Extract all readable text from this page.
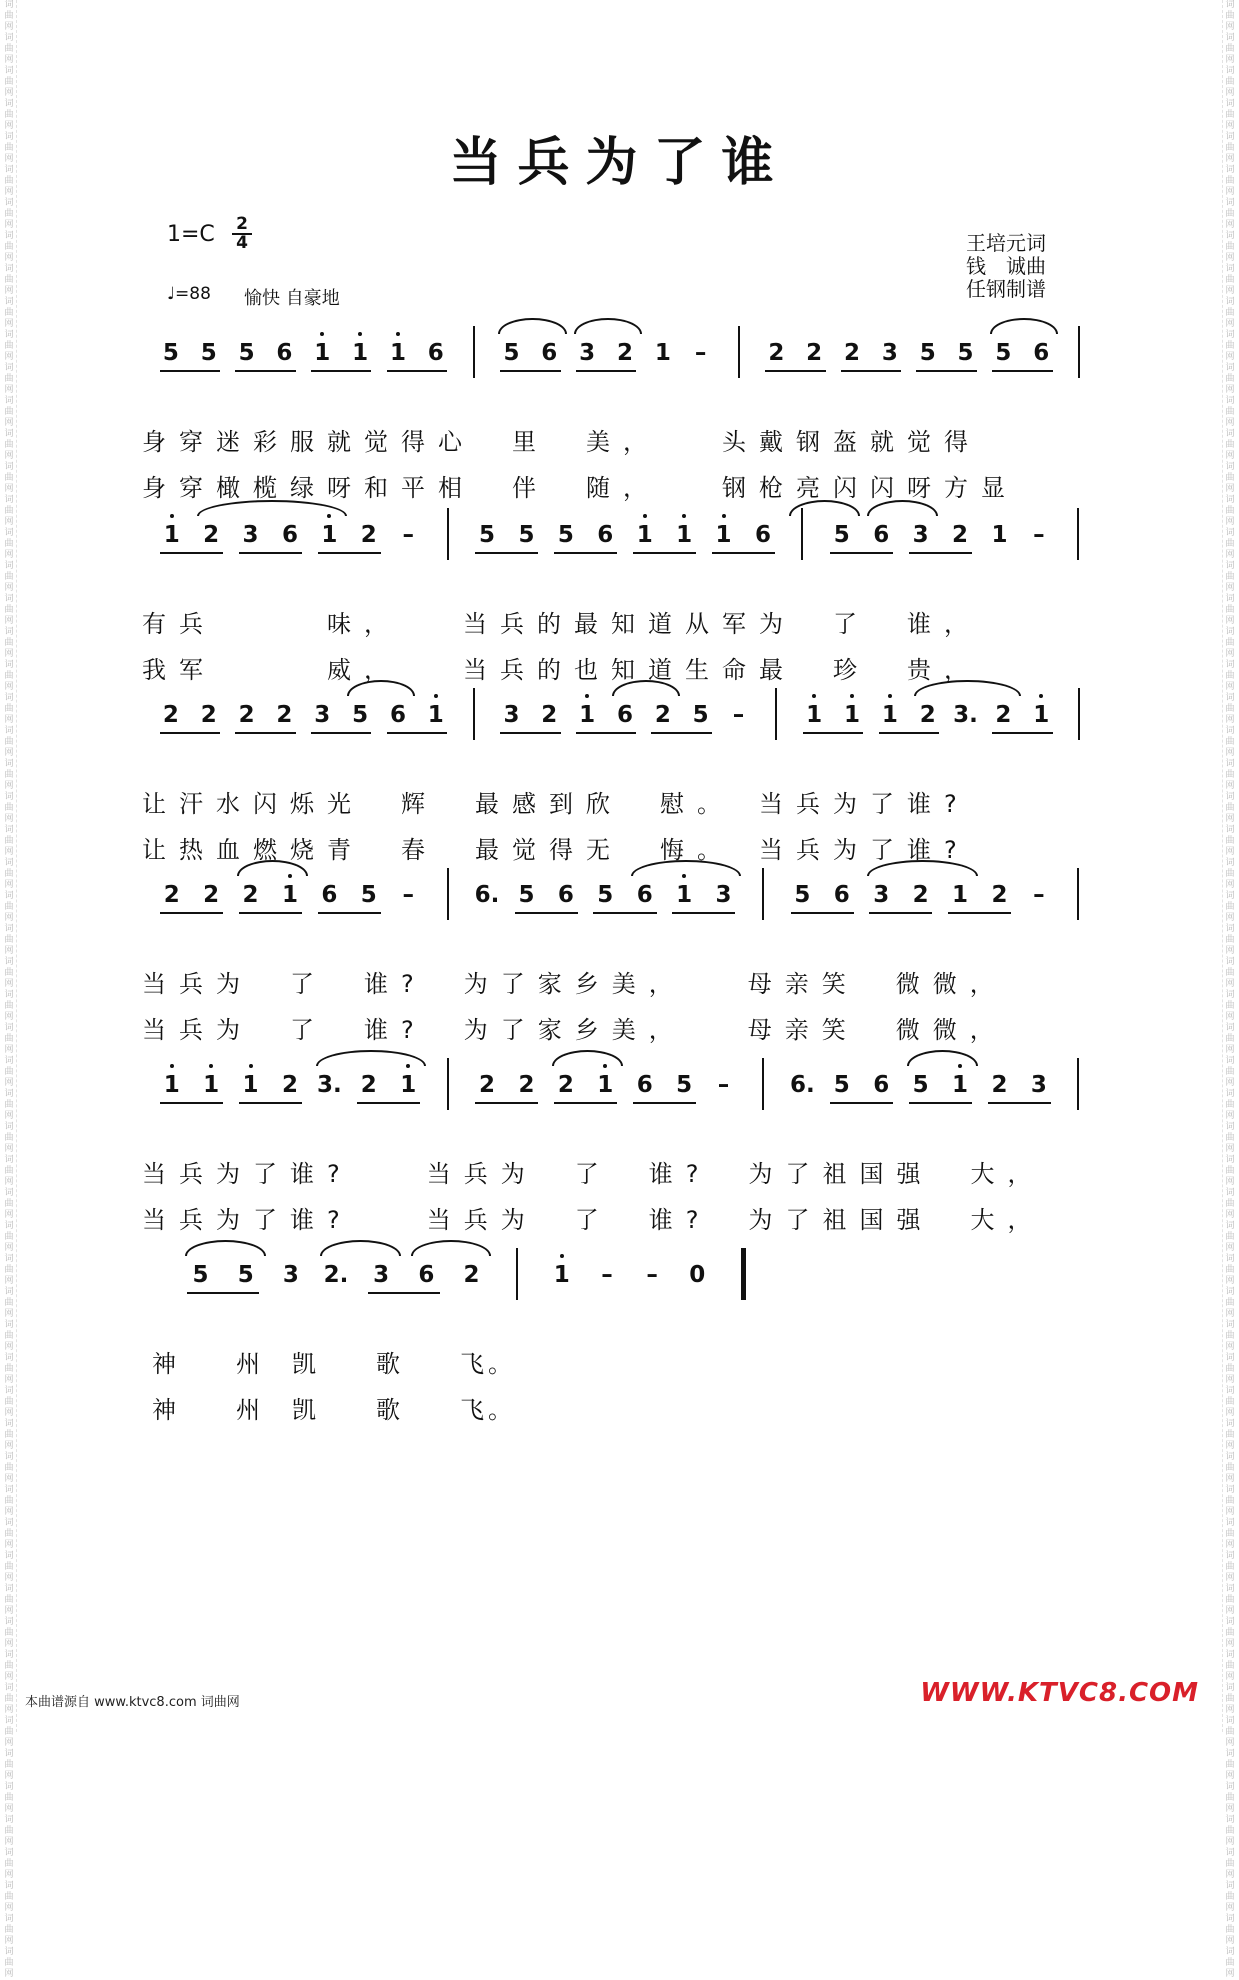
词曲网词曲网词曲网词曲网词曲网词曲网词曲网词曲网词曲网词曲网词曲网词曲网词曲网词曲网词曲网词曲网词曲网词曲网词曲网词曲网词曲网词曲网词曲网词曲网词曲网词曲网词曲网词曲网词曲网词曲网词曲网词曲网词曲网词曲网词曲网词曲网词曲网词曲网词曲网词曲网词曲网词曲网词曲网词曲网词曲网词曲网词曲网词曲网词曲网词曲网词曲网词曲网词曲网词曲网词曲网词曲网词曲网词曲网词曲网词曲网
词曲网词曲网词曲网词曲网词曲网词曲网词曲网词曲网词曲网词曲网词曲网词曲网词曲网词曲网词曲网词曲网词曲网词曲网词曲网词曲网词曲网词曲网词曲网词曲网词曲网词曲网词曲网词曲网词曲网词曲网词曲网词曲网词曲网词曲网词曲网词曲网词曲网词曲网词曲网词曲网词曲网词曲网词曲网词曲网词曲网词曲网词曲网词曲网词曲网词曲网词曲网词曲网词曲网词曲网词曲网词曲网词曲网词曲网词曲网词曲网
当兵为了谁
1=C 2
4
♩=88 愉快 自豪地
王培元词
钱　诚曲
任钢制谱
5 5 5 6 1 1 1 6	5 6 3 2 1 –	2 2 2 3 5 5 5 6
身穿迷彩服就觉得心　里　美，　　头戴钢盔就觉得
身穿橄榄绿呀和平相　伴　随，　　钢枪亮闪闪呀方显
1 2 3 6 1 2 –	5 5 5 6 1 1 1 6	5 6 3 2 1 –
有兵　　　味，　　当兵的最知道从军为　了　谁，
我军　　　威，　　当兵的也知道生命最　珍　贵，
2 2 2 2 3 5 6 1	3 2 1 6 2 5 –	1 1 1 2 3. 2 1
让汗水闪烁光　辉　最感到欣　慰。　当兵为了谁?
让热血燃烧青　春　最觉得无　悔。　当兵为了谁?
2 2 2 1 6 5 –	6. 5 6 5 6 1 3	5 6 3 2 1 2 –
当兵为　了　谁?　为了家乡美，　　母亲笑　微微，
当兵为　了　谁?　为了家乡美，　　母亲笑　微微，
1 1 1 2 3. 2 1	2 2 2 1 6 5 –	6. 5 6 5 1 2 3
当兵为了谁?　　当兵为　了　谁?　为了祖国强　大，
当兵为了谁?　　当兵为　了　谁?　为了祖国强　大，
5 5 3 2. 3 6 2	1 – – 0
神　　州　凯　　歌　　飞。
神　　州　凯　　歌　　飞。
本曲谱源自 www.ktvc8.com 词曲网	WWW.KTVC8.COM
